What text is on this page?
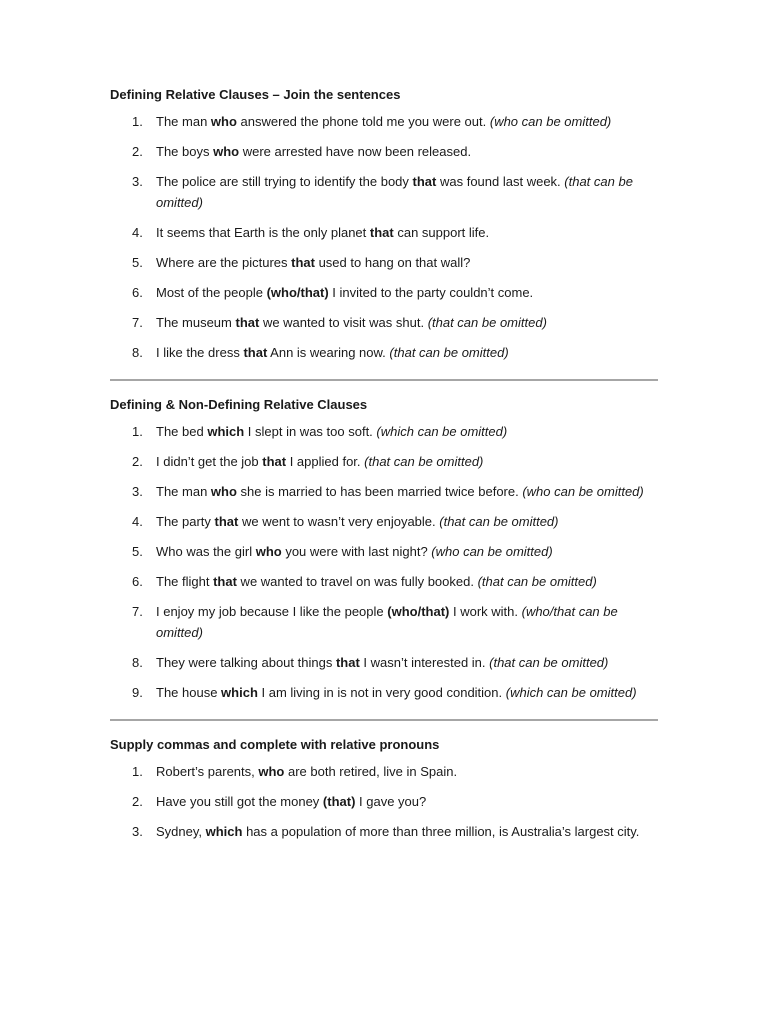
Defining Relative Clauses – Join the sentences
1. The man who answered the phone told me you were out. (who can be omitted)
2. The boys who were arrested have now been released.
3. The police are still trying to identify the body that was found last week. (that can be omitted)
4. It seems that Earth is the only planet that can support life.
5. Where are the pictures that used to hang on that wall?
6. Most of the people (who/that) I invited to the party couldn’t come.
7. The museum that we wanted to visit was shut. (that can be omitted)
8. I like the dress that Ann is wearing now. (that can be omitted)
Defining & Non-Defining Relative Clauses
1. The bed which I slept in was too soft. (which can be omitted)
2. I didn’t get the job that I applied for. (that can be omitted)
3. The man who she is married to has been married twice before. (who can be omitted)
4. The party that we went to wasn’t very enjoyable. (that can be omitted)
5. Who was the girl who you were with last night? (who can be omitted)
6. The flight that we wanted to travel on was fully booked. (that can be omitted)
7. I enjoy my job because I like the people (who/that) I work with. (who/that can be omitted)
8. They were talking about things that I wasn’t interested in. (that can be omitted)
9. The house which I am living in is not in very good condition. (which can be omitted)
Supply commas and complete with relative pronouns
1. Robert’s parents, who are both retired, live in Spain.
2. Have you still got the money (that) I gave you?
3. Sydney, which has a population of more than three million, is Australia’s largest city.
